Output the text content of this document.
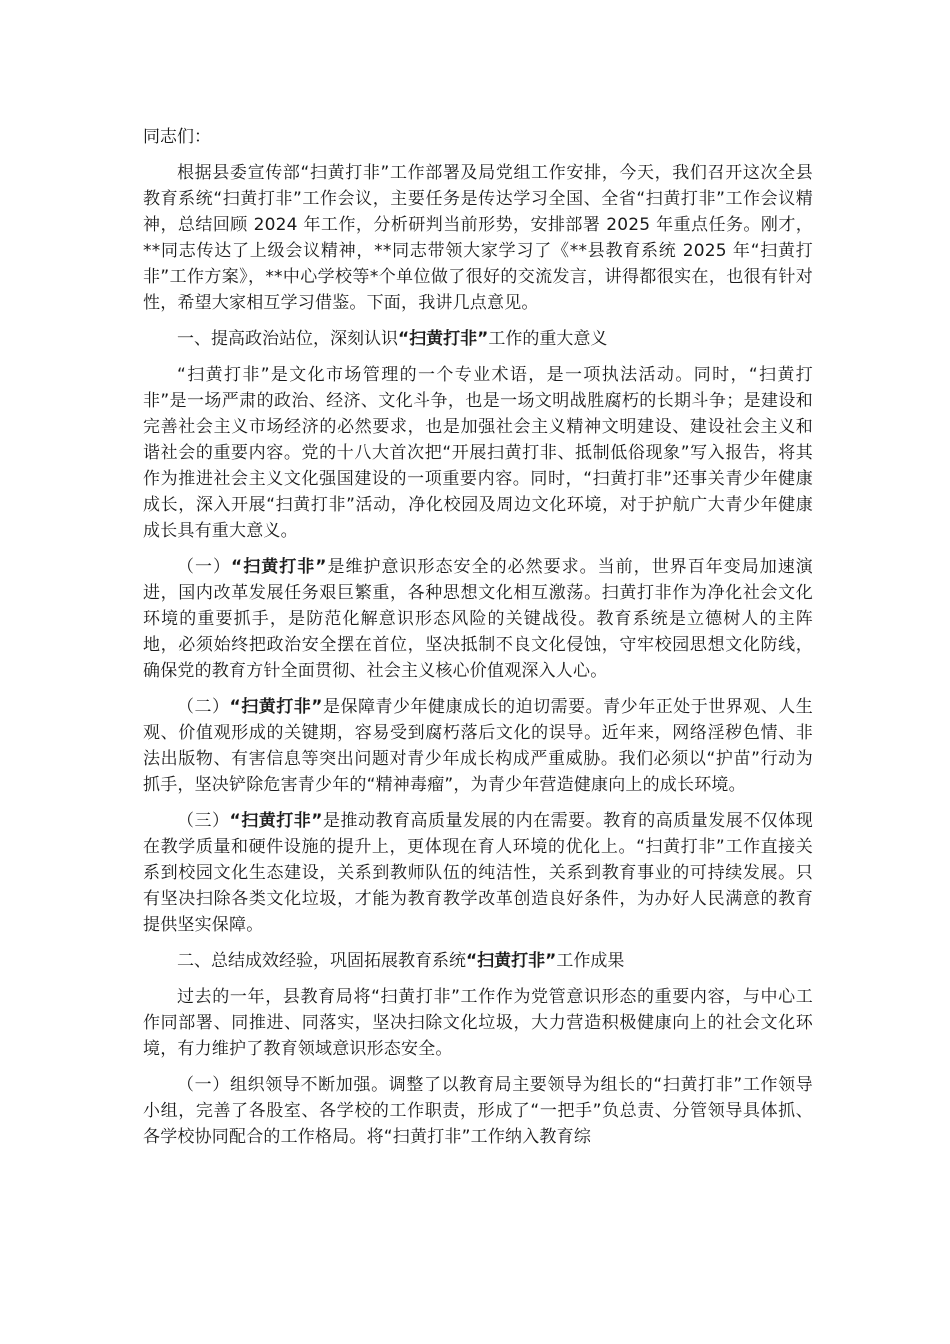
同志们：

根据县委宣传部“扫黄打非”工作部署及局党组工作安排，今天，我们召开这次全县教育系统“扫黄打非”工作会议，主要任务是传达学习全国、全省“扫黄打非”工作会议精神，总结回顾 2024 年工作，分析研判当前形势，安排部署 2025 年重点任务。刚才，**同志传达了上级会议精神，**同志带领大家学习了《**县教育系统 2025 年“扫黄打非”工作方案》，**中心学校等*个单位做了很好的交流发言，讲得都很实在，也很有针对性，希望大家相互学习借鉴。下面，我讲几点意见。

一、提高政治站位，深刻认识“扫黄打非”工作的重大意义

“扫黄打非”是文化市场管理的一个专业术语，是一项执法活动。同时，“扫黄打非”是一场严肃的政治、经济、文化斗争，也是一场文明战胜腐朽的长期斗争；是建设和完善社会主义市场经济的必然要求，也是加强社会主义精神文明建设、建设社会主义和谐社会的重要内容。党的十八大首次把“开展扫黄打非、抵制低俗现象”写入报告，将其作为推进社会主义文化强国建设的一项重要内容。同时，“扫黄打非”还事关青少年健康成长，深入开展“扫黄打非”活动，净化校园及周边文化环境，对于护航广大青少年健康成长具有重大意义。

（一）“扫黄打非”是维护意识形态安全的必然要求。当前，世界百年变局加速演进，国内改革发展任务艰巨繁重，各种思想文化相互激荡。扫黄打非作为净化社会文化环境的重要抓手，是防范化解意识形态风险的关键战役。教育系统是立德树人的主阵地，必须始终把政治安全摆在首位，坚决抵制不良文化侵蚀，守牢校园思想文化防线，确保党的教育方针全面贯彻、社会主义核心价值观深入人心。

（二）“扫黄打非”是保障青少年健康成长的迫切需要。青少年正处于世界观、人生观、价值观形成的关键期，容易受到腐朽落后文化的误导。近年来，网络淫秽色情、非法出版物、有害信息等突出问题对青少年成长构成严重威胁。我们必须以“护苗”行动为抓手，坚决铲除危害青少年的“精神毒瘤”，为青少年营造健康向上的成长环境。

（三）“扫黄打非”是推动教育高质量发展的内在需要。教育的高质量发展不仅体现在教学质量和硬件设施的提升上，更体现在育人环境的优化上。“扫黄打非”工作直接关系到校园文化生态建设，关系到教师队伍的纯洁性，关系到教育事业的可持续发展。只有坚决扫除各类文化垃圾，才能为教育教学改革创造良好条件，为办好人民满意的教育提供坚实保障。

二、总结成效经验，巩固拓展教育系统“扫黄打非”工作成果

过去的一年，县教育局将“扫黄打非”工作作为党管意识形态的重要内容，与中心工作同部署、同推进、同落实，坚决扫除文化垃圾，大力营造积极健康向上的社会文化环境，有力维护了教育领域意识形态安全。

（一）组织领导不断加强。调整了以教育局主要领导为组长的“扫黄打非”工作领导小组，完善了各股室、各学校的工作职责，形成了“一把手”负总责、分管领导具体抓、各学校协同配合的工作格局。将“扫黄打非”工作纳入教育综
